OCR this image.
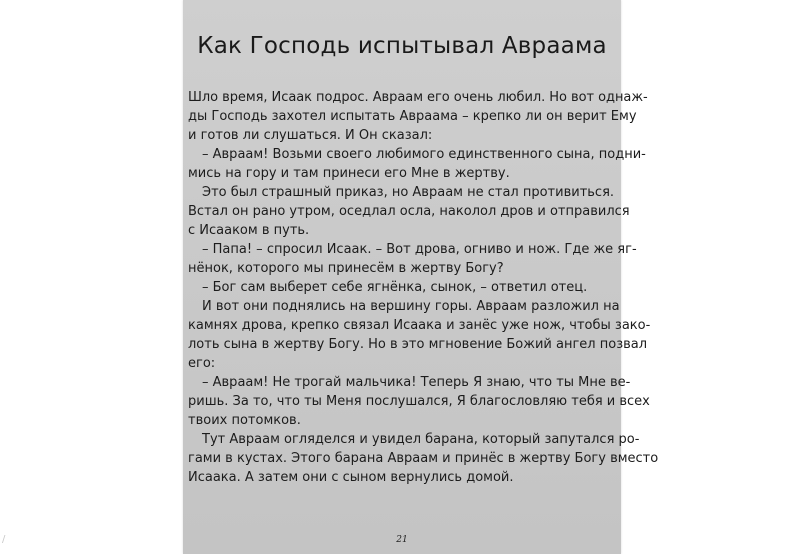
Как Господь испытывал Авраама
Шло время, Исаак подрос. Авраам его очень любил. Но вот однаж-
ды Господь захотел испытать Авраама – крепко ли он верит Ему
и готов ли слушаться. И Он сказал:
– Авраам! Возьми своего любимого единственного сына, подни-
мись на гору и там принеси его Мне в жертву.
Это был страшный приказ, но Авраам не стал противиться.
Встал он рано утром, оседлал осла, наколол дров и отправился
с Исааком в путь.
– Папа! – спросил Исаак. – Вот дрова, огниво и нож. Где же яг-
нёнок, которого мы принесём в жертву Богу?
– Бог сам выберет себе ягнёнка, сынок, – ответил отец.
И вот они поднялись на вершину горы. Авраам разложил на
камнях дрова, крепко связал Исаака и занёс уже нож, чтобы зако-
лоть сына в жертву Богу. Но в это мгновение Божий ангел позвал
его:
– Авраам! Не трогай мальчика! Теперь Я знаю, что ты Мне ве-
ришь. За то, что ты Меня послушался, Я благословляю тебя и всех
твоих потомков.
Тут Авраам огляделся и увидел барана, который запутался ро-
гами в кустах. Этого барана Авраам и принёс в жертву Богу вместо
Исаака. А затем они с сыном вернулись домой.
21
/
